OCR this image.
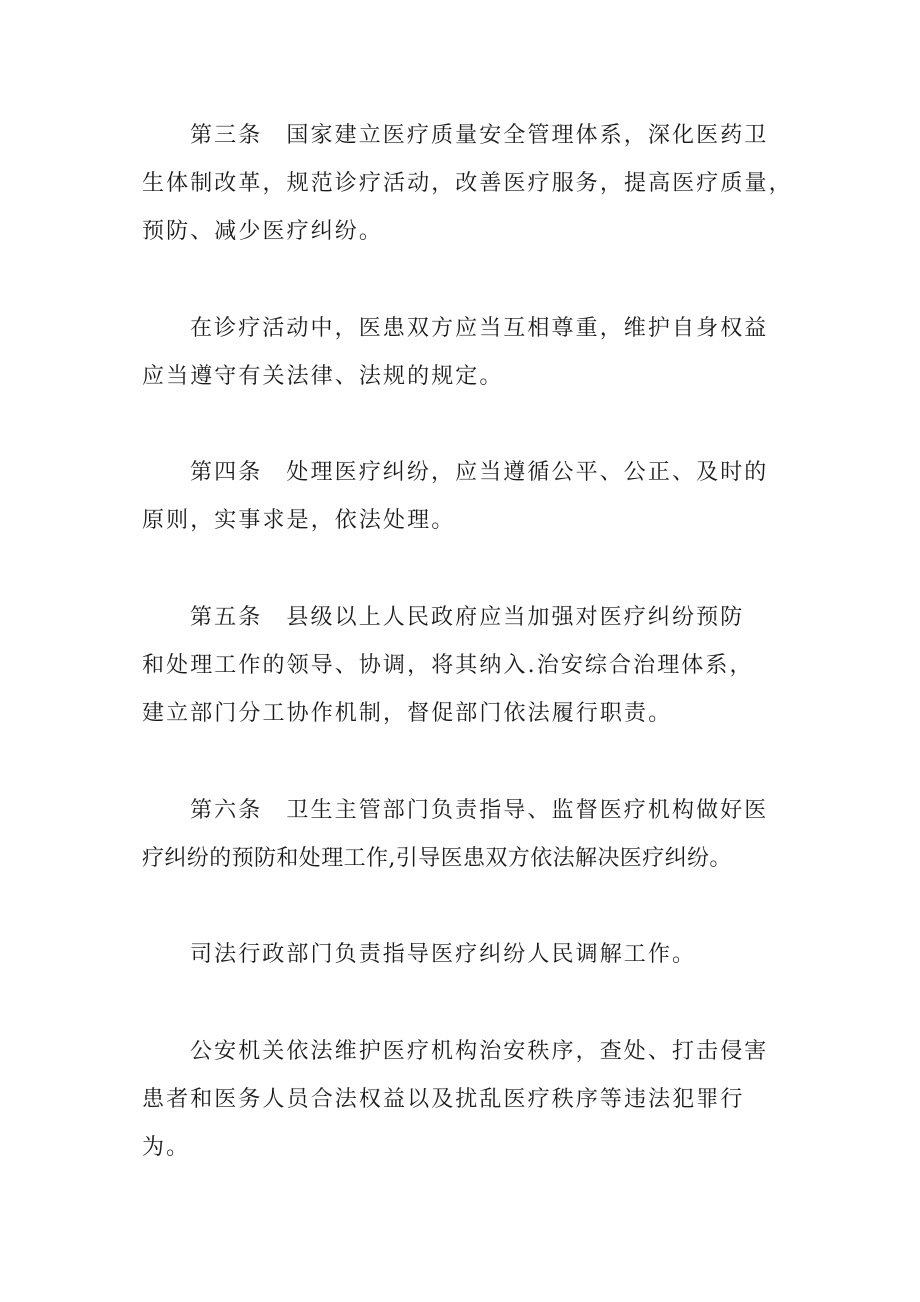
第三条　国家建立医疗质量安全管理体系，深化医药卫
生体制改革，规范诊疗活动，改善医疗服务，提高医疗质量，
预防、减少医疗纠纷。
在诊疗活动中，医患双方应当互相尊重，维护自身权益
应当遵守有关法律、法规的规定。
第四条　处理医疗纠纷，应当遵循公平、公正、及时的
原则，实事求是，依法处理。
第五条　县级以上人民政府应当加强对医疗纠纷预防
和处理工作的领导、协调，将其纳入.治安综合治理体系，
建立部门分工协作机制，督促部门依法履行职责。
第六条　卫生主管部门负责指导、监督医疗机构做好医
疗纠纷的预防和处理工作,引导医患双方依法解决医疗纠纷。
司法行政部门负责指导医疗纠纷人民调解工作。
公安机关依法维护医疗机构治安秩序，查处、打击侵害
患者和医务人员合法权益以及扰乱医疗秩序等违法犯罪行
为。
